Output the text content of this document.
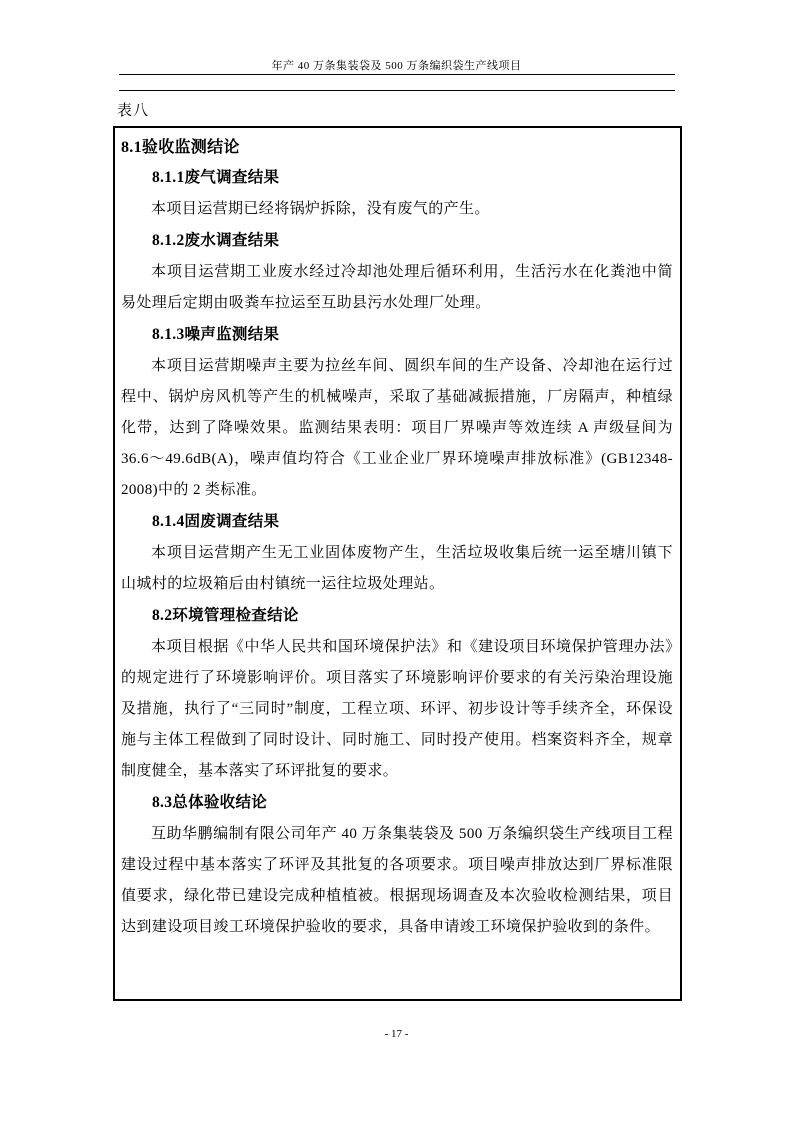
年产 40 万条集装袋及 500 万条编织袋生产线项目
表八
8.1验收监测结论
8.1.1废气调查结果

本项目运营期已经将锅炉拆除，没有废气的产生。

8.1.2废水调查结果

本项目运营期工业废水经过冷却池处理后循环利用，生活污水在化粪池中简易处理后定期由吸粪车拉运至互助县污水处理厂处理。

8.1.3噪声监测结果

本项目运营期噪声主要为拉丝车间、圆织车间的生产设备、冷却池在运行过程中、锅炉房风机等产生的机械噪声，采取了基础减振措施，厂房隔声，种植绿化带，达到了降噪效果。监测结果表明：项目厂界噪声等效连续 A 声级昼间为 36.6～49.6dB(A)，噪声值均符合《工业企业厂界环境噪声排放标准》(GB12348-2008)中的 2 类标准。

8.1.4固废调查结果

本项目运营期产生无工业固体废物产生，生活垃圾收集后统一运至塘川镇下山城村的垃圾箱后由村镇统一运往垃圾处理站。

8.2环境管理检查结论

本项目根据《中华人民共和国环境保护法》和《建设项目环境保护管理办法》的规定进行了环境影响评价。项目落实了环境影响评价要求的有关污染治理设施及措施，执行了“三同时”制度，工程立项、环评、初步设计等手续齐全，环保设施与主体工程做到了同时设计、同时施工、同时投产使用。档案资料齐全，规章制度健全，基本落实了环评批复的要求。

8.3总体验收结论

互助华鹏编制有限公司年产 40 万条集装袋及 500 万条编织袋生产线项目工程建设过程中基本落实了环评及其批复的各项要求。项目噪声排放达到厂界标准限值要求，绿化带已建设完成种植植被。根据现场调查及本次验收检测结果，项目达到建设项目竣工环境保护验收的要求，具备申请竣工环境保护验收到的条件。

- 17 -
